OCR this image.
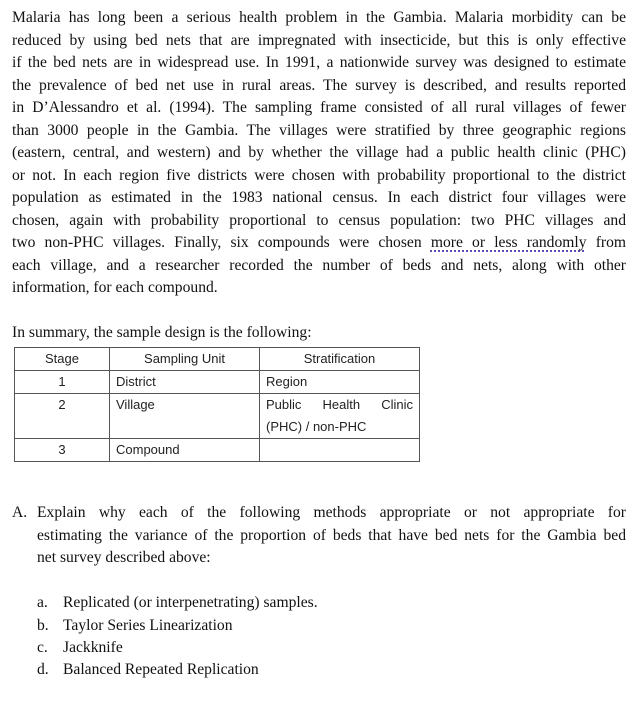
Malaria has long been a serious health problem in the Gambia. Malaria morbidity can be
reduced by using bed nets that are impregnated with insecticide, but this is only effective
if the bed nets are in widespread use. In 1991, a nationwide survey was designed to estimate
the prevalence of bed net use in rural areas. The survey is described, and results reported
in D’Alessandro et al. (1994). The sampling frame consisted of all rural villages of fewer
than 3000 people in the Gambia. The villages were stratified by three geographic regions
(eastern, central, and western) and by whether the village had a public health clinic (PHC)
or not. In each region five districts were chosen with probability proportional to the district
population as estimated in the 1983 national census. In each district four villages were
chosen, again with probability proportional to census population: two PHC villages and
two non-PHC villages. Finally, six compounds were chosen more or less randomly from
each village, and a researcher recorded the number of beds and nets, along with other
information, for each compound.
In summary, the sample design is the following:
Stage	Sampling Unit	Stratification
1	District	Region
2	Village	Public Health Clinic
(PHC) / non-PHC

3	Compound	
A. Explain why each of the following methods appropriate or not appropriate for
estimating the variance of the proportion of beds that have bed nets for the Gambia bed
net survey described above:
a. Replicated (or interpenetrating) samples.
b. Taylor Series Linearization
c. Jackknife
d. Balanced Repeated Replication
